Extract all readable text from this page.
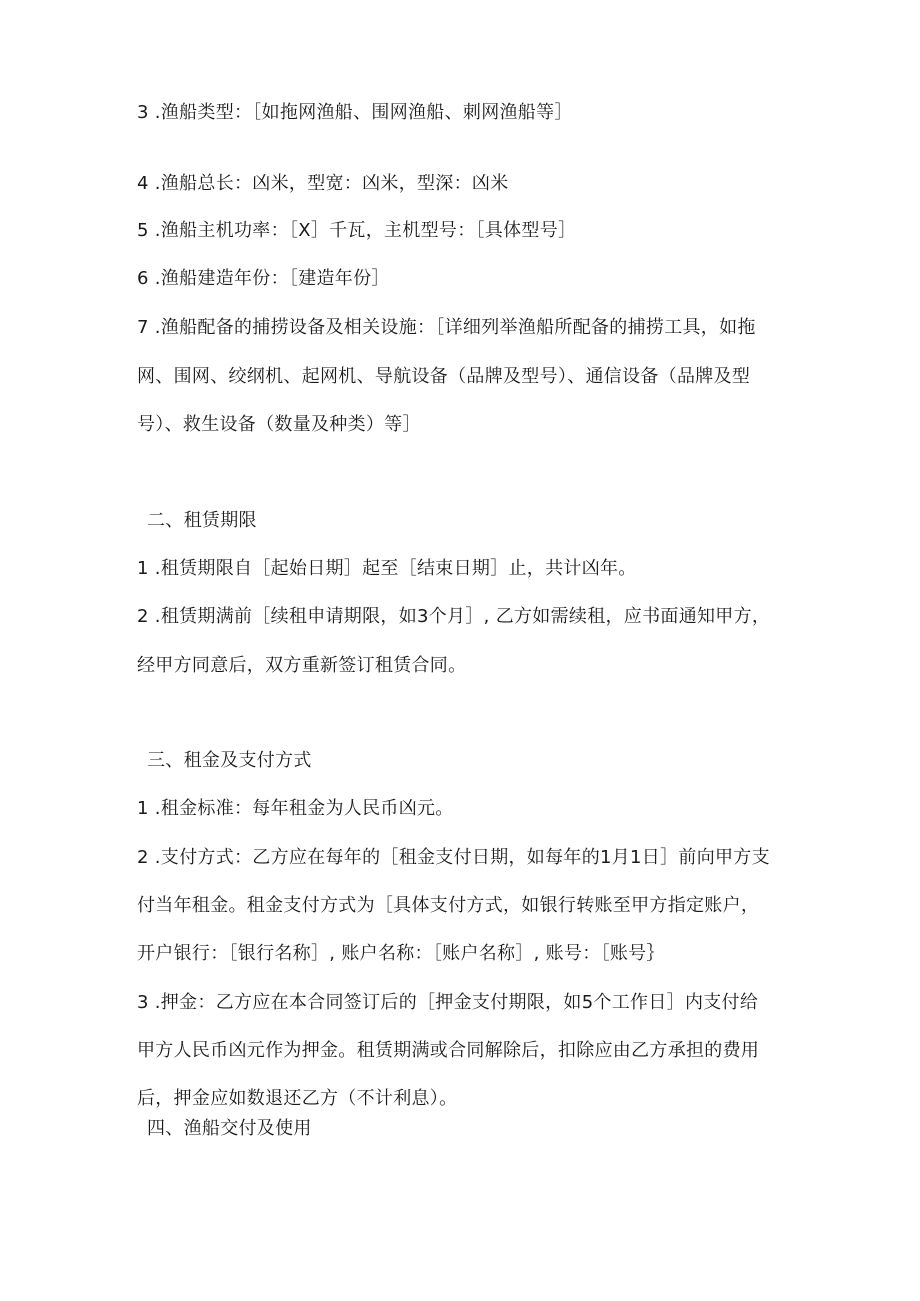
3 .渔船类型：［如拖网渔船、围网渔船、刺网渔船等］
4 .渔船总长：凶米，型宽：凶米，型深：凶米
5 .渔船主机功率：［X］千瓦，主机型号：［具体型号］
6 .渔船建造年份：［建造年份］
7 .渔船配备的捕捞设备及相关设施：［详细列举渔船所配备的捕捞工具，如拖
网、围网、绞纲机、起网机、导航设备（品牌及型号）、通信设备（品牌及型
号）、救生设备（数量及种类）等］
二、租赁期限
1 .租赁期限自［起始日期］起至［结束日期］止，共计凶年。
2 .租赁期满前［续租申请期限，如3个月］, 乙方如需续租，应书面通知甲方，
经甲方同意后，双方重新签订租赁合同。
三、租金及支付方式
1 .租金标准：每年租金为人民币凶元。
2 .支付方式：乙方应在每年的［租金支付日期，如每年的1月1日］前向甲方支
付当年租金。租金支付方式为［具体支付方式，如银行转账至甲方指定账户，
开户银行：［银行名称］, 账户名称：［账户名称］, 账号：［账号｝
3 .押金：乙方应在本合同签订后的［押金支付期限，如5个工作日］内支付给
甲方人民币凶元作为押金。租赁期满或合同解除后，扣除应由乙方承担的费用
后，押金应如数退还乙方（不计利息）。
四、渔船交付及使用
